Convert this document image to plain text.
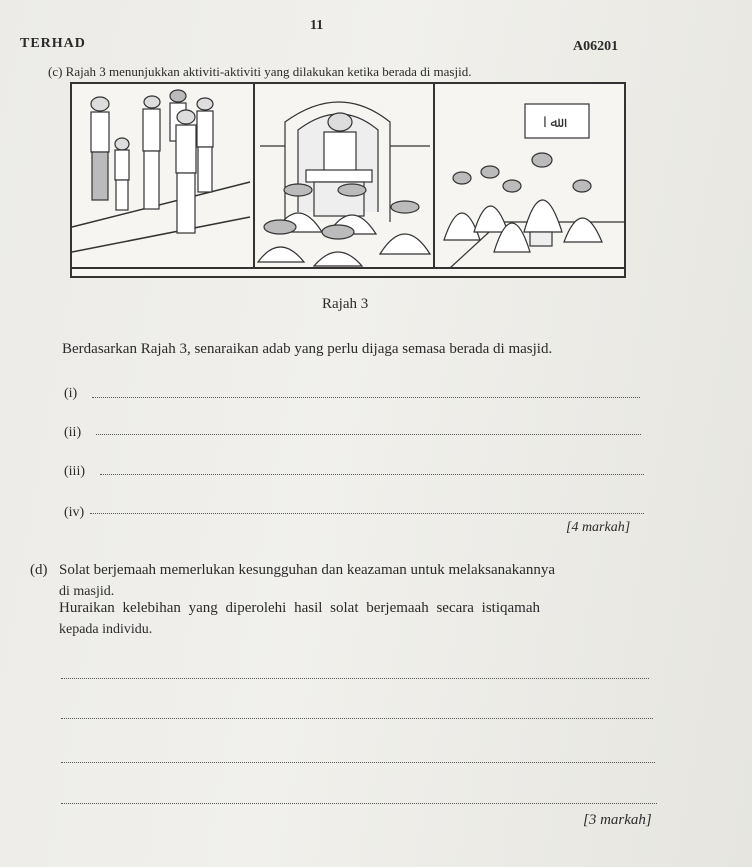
TERHAD
11
A06201
(c) Rajah 3 menunjukkan aktiviti-aktiviti yang dilakukan ketika berada di masjid.
ﷲ ا
Rajah 3
Berdasarkan Rajah 3, senaraikan adab yang perlu dijaga semasa berada di masjid.
(i)
(ii)
(iii)
(iv)
[4 markah]
(d) Solat berjemaah memerlukan kesungguhan dan keazaman untuk melaksanakannya
di masjid.
Huraikan kelebihan yang diperolehi hasil solat berjemaah secara istiqamah
kepada individu.
[3 markah]
